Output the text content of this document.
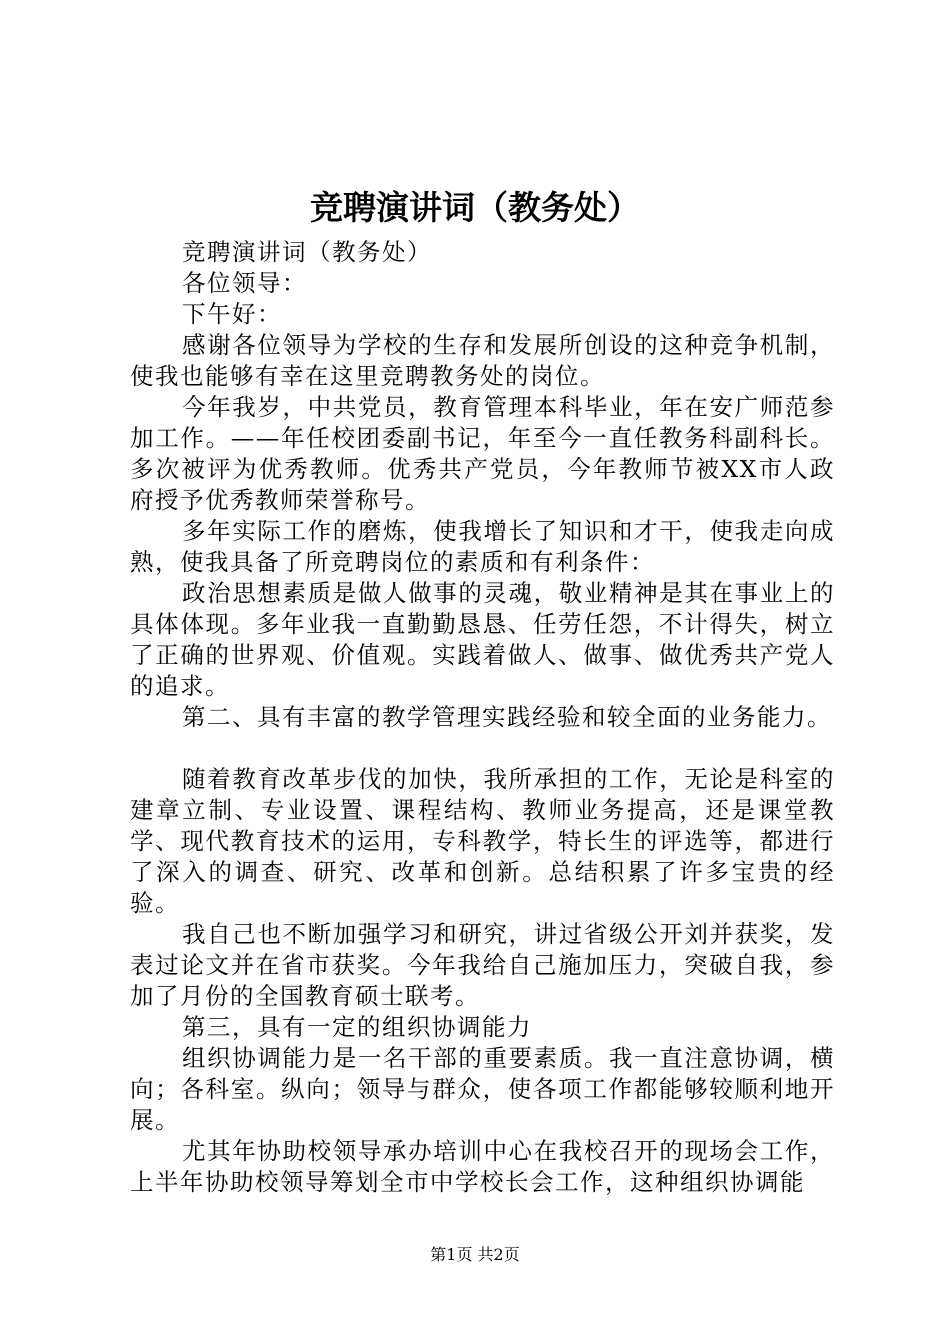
竞聘演讲词（教务处）

竞聘演讲词（教务处）

各位领导：

下午好：

感谢各位领导为学校的生存和发展所创设的这种竞争机制，使我也能够有幸在这里竞聘教务处的岗位。

今年我岁，中共党员，教育管理本科毕业，年在安广师范参加工作。——年任校团委副书记，年至今一直任教务科副科长。多次被评为优秀教师。优秀共产党员，今年教师节被XX市人政府授予优秀教师荣誉称号。

多年实际工作的磨炼，使我增长了知识和才干，使我走向成熟，使我具备了所竞聘岗位的素质和有利条件：

政治思想素质是做人做事的灵魂，敬业精神是其在事业上的具体体现。多年业我一直勤勤恳恳、任劳任怨，不计得失，树立了正确的世界观、价值观。实践着做人、做事、做优秀共产党人的追求。

第二、具有丰富的教学管理实践经验和较全面的业务能力。

随着教育改革步伐的加快，我所承担的工作，无论是科室的建章立制、专业设置、课程结构、教师业务提高，还是课堂教学、现代教育技术的运用，专科教学，特长生的评选等，都进行了深入的调查、研究、改革和创新。总结积累了许多宝贵的经验。

我自己也不断加强学习和研究，讲过省级公开刘并获奖，发表过论文并在省市获奖。今年我给自己施加压力，突破自我，参加了月份的全国教育硕士联考。

第三，具有一定的组织协调能力

组织协调能力是一名干部的重要素质。我一直注意协调，横向；各科室。纵向；领导与群众，使各项工作都能够较顺利地开展。

尤其年协助校领导承办培训中心在我校召开的现场会工作，上半年协助校领导筹划全市中学校长会工作，这种组织协调能

第1页 共2页
